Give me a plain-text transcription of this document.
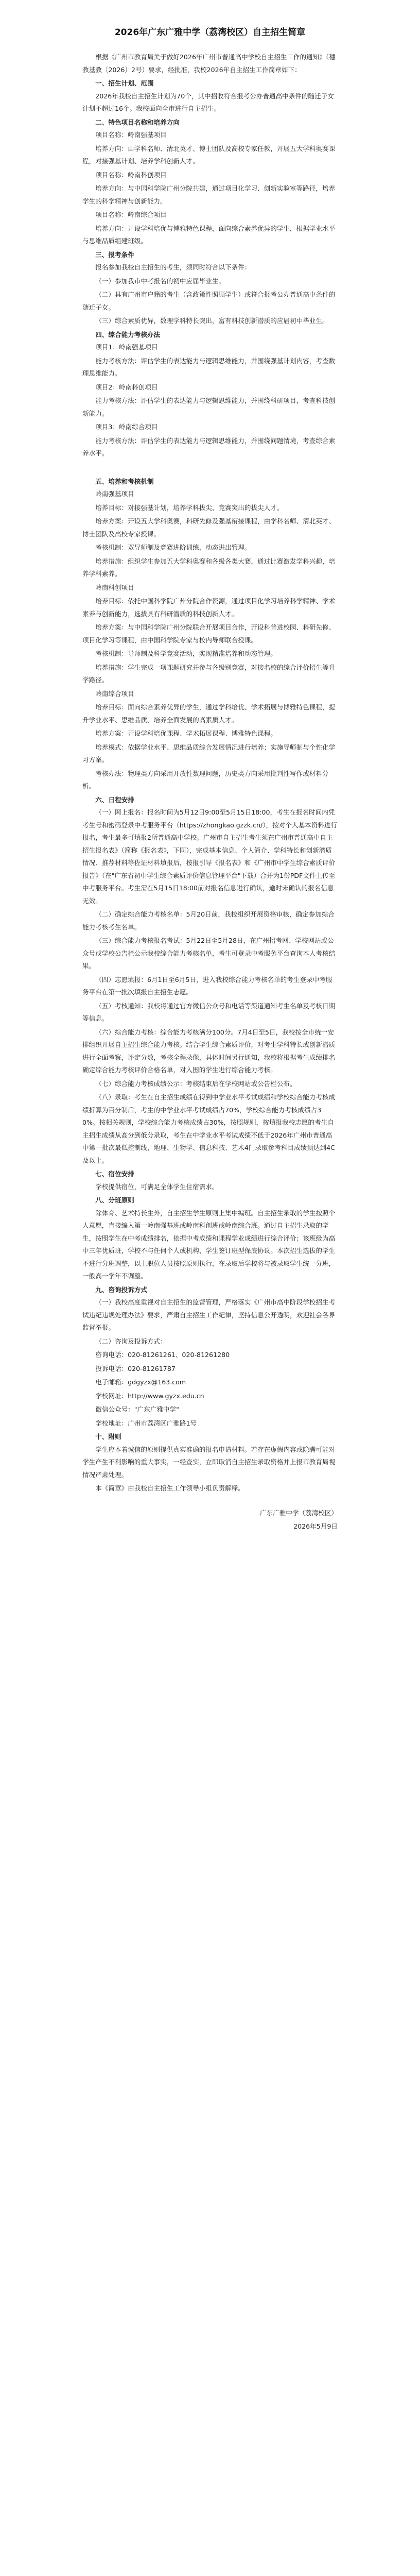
2026年广东广雅中学（荔湾校区）自主招生简章

根据《广州市教育局关于做好2026年广州市普通高中学校自主招生工作的通知》（穗教基教〔2026〕2号）要求，经批准，我校2026年自主招生工作简章如下：

一、招生计划、范围

2026年我校自主招生计划为70个，其中招收符合报考公办普通高中条件的随迁子女计划不超过16个。我校面向全市进行自主招生。

二、特色项目名称和培养方向

项目名称：岭南强基项目

培养方向：由学科名师、清北英才、博士团队及高校专家任教，开展五大学科奥赛课程，对接强基计划、培养学科创新人才。

项目名称：岭南科创项目

培养方向：与中国科学院广州分院共建，通过项目化学习、创新实验室等路径，培养学生的科学精神与创新能力。

项目名称：岭南综合项目

培养方向：开设学科培优与博雅特色课程，面向综合素养优异的学生，根据学业水平与思维品质组建班级。

三、报考条件

报名参加我校自主招生的考生，须同时符合以下条件：

（一）参加我市中考报名的初中应届毕业生。

（二）具有广州市户籍的考生（含政策性照顾学生）或符合报考公办普通高中条件的随迁子女。

（三）综合素质优异，数理学科特长突出，富有科技创新潜质的应届初中毕业生。

四、综合能力考核办法

项目1：岭南强基项目

能力考核方法：评估学生的表达能力与逻辑思维能力，并围绕强基计划内容，考查数理思维能力。

项目2：岭南科创项目

能力考核方法：评估学生的表达能力与逻辑思维能力，并围绕科研项目，考查科技创新能力。

项目3：岭南综合项目

能力考核方法：评估学生的表达能力与逻辑思维能力，并围绕问题情境，考查综合素养水平。

五、培养和考核机制

岭南强基项目

培养目标：对接强基计划，培养学科拔尖、竞赛突出的拔尖人才。

培养方案：开设五大学科奥赛，科研先修及强基衔接课程，由学科名师、清北英才、博士团队及高校专家授课。

考核机制：双导师制及竞赛进阶训练，动态进出管理。

培养措施：组织学生参加五大学科奥赛和各级各类大赛，通过比赛激发学科兴趣，培养学科素养。

岭南科创项目

培养目标：依托中国科学院广州分院合作资源，通过项目化学习培养科学精神、学术素养与创新能力，选拔具有科研潜质的科技创新人才。

培养方案：与中国科学院广州分院联合开展项目合作，开设科普进校园、科研先修、项目化学习等课程，由中国科学院专家与校内导师联合授课。

考核机制：导师制及科学竞赛活动，实现精准培养和动态管理。

培养措施：学生完成一项课题研究并参与各级别竞赛，对接名校的综合评价招生等升学路径。

岭南综合项目

培养目标：面向综合素养优异的学生，通过学科培优、学术拓展与博雅特色课程，提升学业水平、思维品质、培养全面发展的高素质人才。

培养方案：开设学科培优课程、学术拓展课程、博雅特色课程。

培养模式：依据学业水平、思维品质综合发展情况进行培养；实施导师制与个性化学习方案。

考核办法：物理类方向采用开放性数理问题，历史类方向采用批判性写作或材料分析。

六、日程安排

（一）网上报名：报名时间为5月12日9:00至5月15日18:00，考生在报名时间内凭考生号和密码登录中考服务平台（https://zhongkao.gzzk.cn/），按对个人基本资料进行报名，考生最多可填报2所普通高中学校。广州市自主招生考生须在广州市普通高中自主招生报名表》（简称《报名表》，下同），完成基本信息、个人简介、学科特长和创新潜质情况、推荐材料等佐证材料填报后，按报引导《报名表》和《广州市中学生综合素质评价报告》（在"广东省初中学生综合素质评价信息管理平台"下载）合并为1份PDF文件上传至中考服务平台。考生需在5月15日18:00前对报名信息进行确认，逾时未确认的报名信息无效。

（二）确定综合能力考核名单：5月20日前，我校组织开展资格审核，确定参加综合能力考核考生名单。

（三）综合能力考核报名考试：5月22日至5月28日，在广州招考网、学校网站或公众号或学校公告栏公示我校综合能力考核名单，考生可登录中考服务平台查询本人考核结果。

（四）志愿填报：6月1日至6月5日，进入我校综合能力考核名单的考生登录中考服务平台在第一批次填报自主招生志愿。

（五）考核通知：我校将通过官方微信公众号和电话等渠道通知考生名单及考核日期等信息。

（六）综合能力考核：综合能力考核满分100分。7月4日至5日，我校按全市统一安排组织开展自主招生综合能力考核。结合学生综合素质评价，对考生学科特长或创新潜质进行全面考察，评定分数，考核全程录像，具体时间另行通知，我校将根据考生成绩排名确定综合能力考核评价合格名单，对入围的学生进行综合能力考核。

（七）综合能力考核成绩公示：考核结束后在学校网站或公告栏公布。

（八）录取：考生在自主招生成绩在得到中学业水平考试成绩和学校综合能力考核成绩折算为百分制后，考生的中学业水平考试成绩占70%，学校综合能力考核成绩占30%。按相关规则，学校综合能力考核成绩占30%，按照规则，按填报我校志愿的考生自主招生成绩从高分到低分录取，考生在中学业水平考试成绩不低于2026年广州市普通高中第一批次最低控制线，地理、生物学、信息科技、艺术4门录取参考科目成绩须达到4C及以上。

七、宿位安排

学校提供宿位，可满足全体学生住宿需求。

八、分班原则

除体育、艺术特长生外，自主招生学生原则上集中编班。自主招生录取的学生按照个人意愿，直接编入第一岭南强基班或岭南科创班或岭南综合班。通过自主招生录取的学生，按照学生在中考成绩排名，依据中考成绩和课程学业成绩进行综合评价；该班级为高中三年优质班，学校不与任何个人或机构、学生签订班型保底协议。本次招生选拔的学生不进行分班调整，以上职位人员按照原则执行，在录取后学校将与被录取学生统一分班，一般高一学年不调整。

九、咨询投诉方式

（一）我校高度重视对自主招生的监督管理，严格落实《广州市高中阶段学校招生考试违纪违规处理办法》要求，严肃自主招生工作纪律，坚持信息公开透明，欢迎社会各界监督举报。

（二）咨询及投诉方式：

咨询电话：020-81261261、020-81261280

投诉电话：020-81261787

电子邮箱：gdgyzx@163.com

学校网址：http://www.gyzx.edu.cn

微信公众号："广东广雅中学"

学校地址：广州市荔湾区广雅路1号

十、附则

学生应本着诚信的原则提供真实准确的报名申请材料。若存在虚假内容或隐瞒可能对学生产生不利影响的重大事实，一经查实，立即取消自主招生录取资格并上报市教育局视情况严肃处理。

本《简章》由我校自主招生工作领导小组负责解释。

广东广雅中学（荔湾校区）

2026年5月9日
